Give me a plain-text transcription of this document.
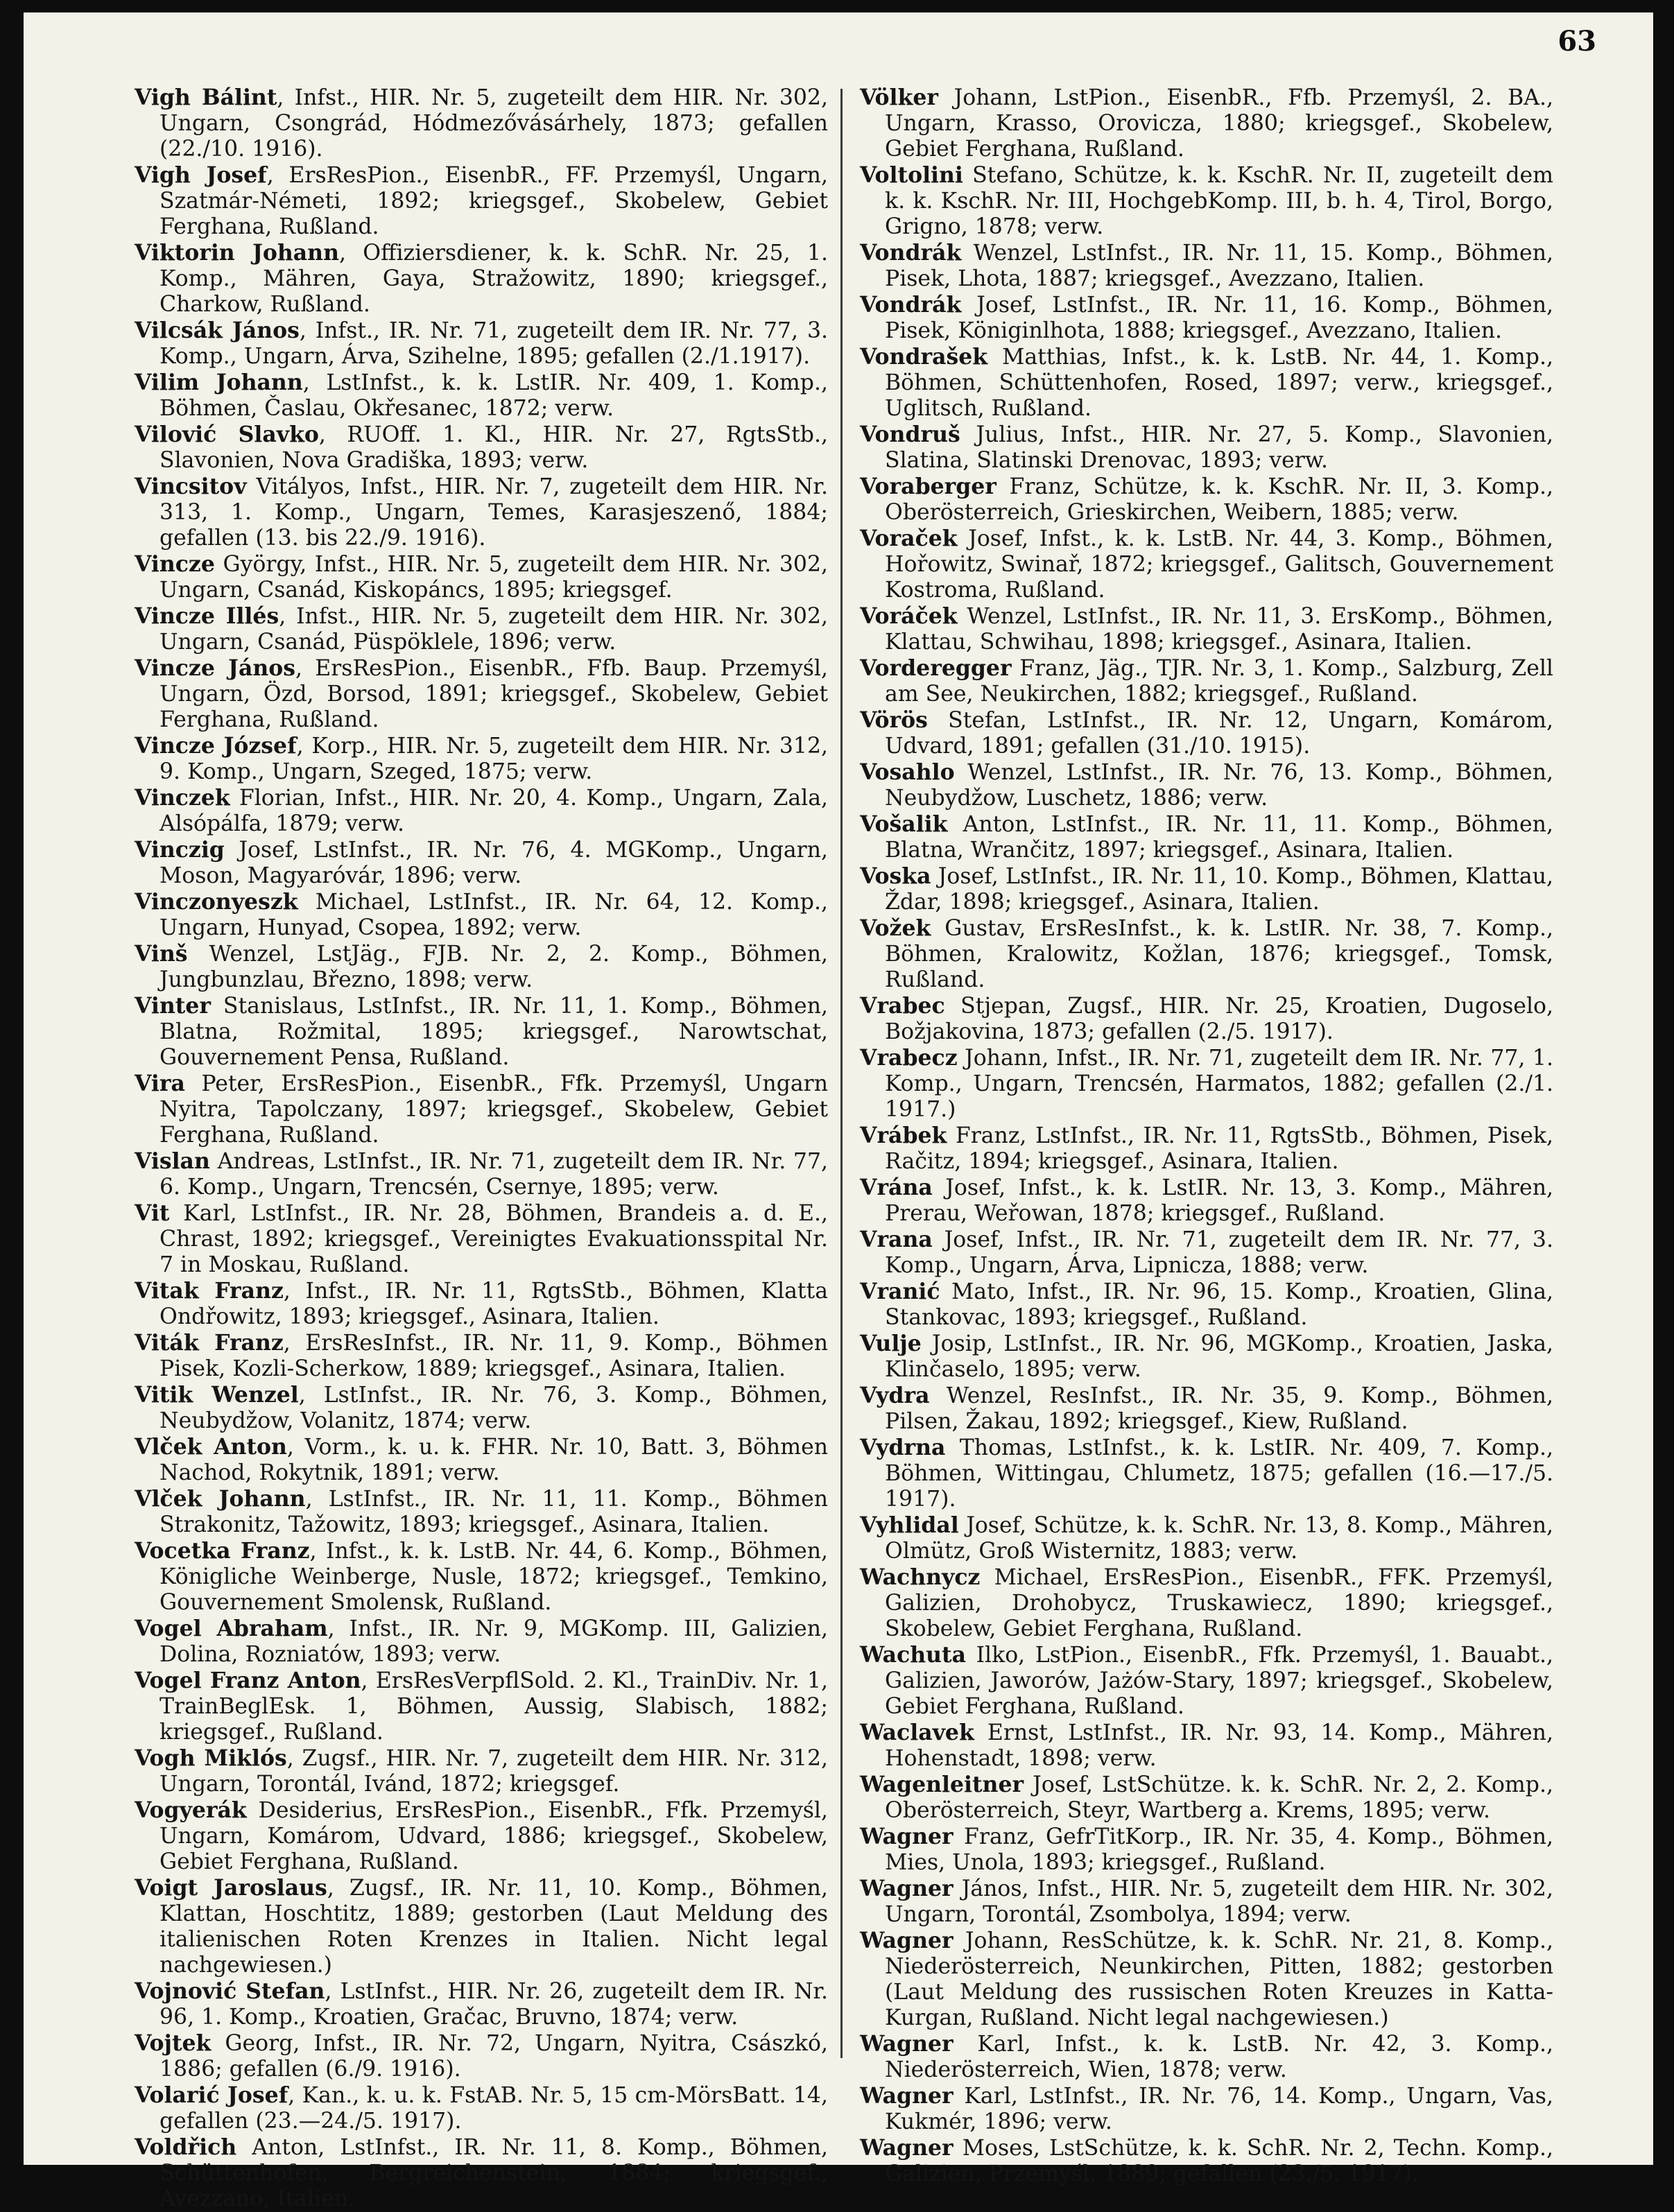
63

Vigh Bálint, Infst., HIR. Nr. 5, zugeteilt dem HIR. Nr. 302, Ungarn, Csongrád, Hódmezővásárhely, 1873; gefallen (22./10. 1916).

Vigh Josef, ErsResPion., EisenbR., FF. Przemyśl, Ungarn, Szatmár-Németi, 1892; kriegsgef., Skobelew, Gebiet Ferghana, Rußland.

Viktorin Johann, Offiziersdiener, k. k. SchR. Nr. 25, 1. Komp., Mähren, Gaya, Stražowitz, 1890; kriegsgef., Charkow, Rußland.

Vilcsák János, Infst., IR. Nr. 71, zugeteilt dem IR. Nr. 77, 3. Komp., Ungarn, Árva, Szihelne, 1895; gefallen (2./1.1917).

Vilim Johann, LstInfst., k. k. LstIR. Nr. 409, 1. Komp., Böhmen, Časlau, Okřesanec, 1872; verw.

Vilović Slavko, RUOff. 1. Kl., HIR. Nr. 27, RgtsStb., Slavonien, Nova Gradiška, 1893; verw.

Vincsitov Vitályos, Infst., HIR. Nr. 7, zugeteilt dem HIR. Nr. 313, 1. Komp., Ungarn, Temes, Karasjeszenő, 1884; gefallen (13. bis 22./9. 1916).

Vincze György, Infst., HIR. Nr. 5, zugeteilt dem HIR. Nr. 302, Ungarn, Csanád, Kiskopáncs, 1895; kriegsgef.

Vincze Illés, Infst., HIR. Nr. 5, zugeteilt dem HIR. Nr. 302, Ungarn, Csanád, Püspöklele, 1896; verw.

Vincze János, ErsResPion., EisenbR., Ffb. Baup. Przemyśl, Ungarn, Özd, Borsod, 1891; kriegsgef., Skobelew, Gebiet Ferghana, Rußland.

Vincze József, Korp., HIR. Nr. 5, zugeteilt dem HIR. Nr. 312, 9. Komp., Ungarn, Szeged, 1875; verw.

Vinczek Florian, Infst., HIR. Nr. 20, 4. Komp., Ungarn, Zala, Alsópálfa, 1879; verw.

Vinczig Josef, LstInfst., IR. Nr. 76, 4. MGKomp., Ungarn, Moson, Magyaróvár, 1896; verw.

Vinczonyeszk Michael, LstInfst., IR. Nr. 64, 12. Komp., Ungarn, Hunyad, Csopea, 1892; verw.

Vinš Wenzel, LstJäg., FJB. Nr. 2, 2. Komp., Böhmen, Jungbunzlau, Březno, 1898; verw.

Vinter Stanislaus, LstInfst., IR. Nr. 11, 1. Komp., Böhmen, Blatna, Rožmital, 1895; kriegsgef., Narowtschat, Gouvernement Pensa, Rußland.

Vira Peter, ErsResPion., EisenbR., Ffk. Przemyśl, Ungarn Nyitra, Tapolczany, 1897; kriegsgef., Skobelew, Gebiet Ferghana, Rußland.

Vislan Andreas, LstInfst., IR. Nr. 71, zugeteilt dem IR. Nr. 77, 6. Komp., Ungarn, Trencsén, Csernye, 1895; verw.

Vit Karl, LstInfst., IR. Nr. 28, Böhmen, Brandeis a. d. E., Chrast, 1892; kriegsgef., Vereinigtes Evakuationsspital Nr. 7 in Moskau, Rußland.

Vitak Franz, Infst., IR. Nr. 11, RgtsStb., Böhmen, Klatta Ondřowitz, 1893; kriegsgef., Asinara, Italien.

Viták Franz, ErsResInfst., IR. Nr. 11, 9. Komp., Böhmen Pisek, Kozli-Scherkow, 1889; kriegsgef., Asinara, Italien.

Vitik Wenzel, LstInfst., IR. Nr. 76, 3. Komp., Böhmen, Neubydžow, Volanitz, 1874; verw.

Vlček Anton, Vorm., k. u. k. FHR. Nr. 10, Batt. 3, Böhmen Nachod, Rokytnik, 1891; verw.

Vlček Johann, LstInfst., IR. Nr. 11, 11. Komp., Böhmen Strakonitz, Tažowitz, 1893; kriegsgef., Asinara, Italien.

Vocetka Franz, Infst., k. k. LstB. Nr. 44, 6. Komp., Böhmen, Königliche Weinberge, Nusle, 1872; kriegsgef., Temkino, Gouvernement Smolensk, Rußland.

Vogel Abraham, Infst., IR. Nr. 9, MGKomp. III, Galizien, Dolina, Rozniatów, 1893; verw.

Vogel Franz Anton, ErsResVerpflSold. 2. Kl., TrainDiv. Nr. 1, TrainBeglEsk. 1, Böhmen, Aussig, Slabisch, 1882; kriegsgef., Rußland.

Vogh Miklós, Zugsf., HIR. Nr. 7, zugeteilt dem HIR. Nr. 312, Ungarn, Torontál, Ivánd, 1872; kriegsgef.

Vogyerák Desiderius, ErsResPion., EisenbR., Ffk. Przemyśl, Ungarn, Komárom, Udvard, 1886; kriegsgef., Skobelew, Gebiet Ferghana, Rußland.

Voigt Jaroslaus, Zugsf., IR. Nr. 11, 10. Komp., Böhmen, Klattan, Hoschtitz, 1889; gestorben (Laut Meldung des italienischen Roten Krenzes in Italien. Nicht legal nachgewiesen.)

Vojnović Stefan, LstInfst., HIR. Nr. 26, zugeteilt dem IR. Nr. 96, 1. Komp., Kroatien, Gračac, Bruvno, 1874; verw.

Vojtek Georg, Infst., IR. Nr. 72, Ungarn, Nyitra, Császkó, 1886; gefallen (6./9. 1916).

Volarić Josef, Kan., k. u. k. FstAB. Nr. 5, 15 cm-MörsBatt. 14, gefallen (23.—24./5. 1917).

Voldřich Anton, LstInfst., IR. Nr. 11, 8. Komp., Böhmen, Schüttenhofen, Bergreichenstein, 1884; kriegsgef., Avezzano, Italien.

Völker Johann, LstPion., EisenbR., Ffb. Przemyśl, 2. BA., Ungarn, Krasso, Orovicza, 1880; kriegsgef., Skobelew, Gebiet Ferghana, Rußland.

Voltolini Stefano, Schütze, k. k. KschR. Nr. II, zugeteilt dem k. k. KschR. Nr. III, HochgebKomp. III, b. h. 4, Tirol, Borgo, Grigno, 1878; verw.

Vondrák Wenzel, LstInfst., IR. Nr. 11, 15. Komp., Böhmen, Pisek, Lhota, 1887; kriegsgef., Avezzano, Italien.

Vondrák Josef, LstInfst., IR. Nr. 11, 16. Komp., Böhmen, Pisek, Königinlhota, 1888; kriegsgef., Avezzano, Italien.

Vondrašek Matthias, Infst., k. k. LstB. Nr. 44, 1. Komp., Böhmen, Schüttenhofen, Rosed, 1897; verw., kriegsgef., Uglitsch, Rußland.

Vondruš Julius, Infst., HIR. Nr. 27, 5. Komp., Slavonien, Slatina, Slatinski Drenovac, 1893; verw.

Voraberger Franz, Schütze, k. k. KschR. Nr. II, 3. Komp., Oberösterreich, Grieskirchen, Weibern, 1885; verw.

Voraček Josef, Infst., k. k. LstB. Nr. 44, 3. Komp., Böhmen, Hořowitz, Swinař, 1872; kriegsgef., Galitsch, Gouvernement Kostroma, Rußland.

Voráček Wenzel, LstInfst., IR. Nr. 11, 3. ErsKomp., Böhmen, Klattau, Schwihau, 1898; kriegsgef., Asinara, Italien.

Vorderegger Franz, Jäg., TJR. Nr. 3, 1. Komp., Salzburg, Zell am See, Neukirchen, 1882; kriegsgef., Rußland.

Vörös Stefan, LstInfst., IR. Nr. 12, Ungarn, Komárom, Udvard, 1891; gefallen (31./10. 1915).

Vosahlo Wenzel, LstInfst., IR. Nr. 76, 13. Komp., Böhmen, Neubydžow, Luschetz, 1886; verw.

Vošalik Anton, LstInfst., IR. Nr. 11, 11. Komp., Böhmen, Blatna, Wrančitz, 1897; kriegsgef., Asinara, Italien.

Voska Josef, LstInfst., IR. Nr. 11, 10. Komp., Böhmen, Klattau, Ždar, 1898; kriegsgef., Asinara, Italien.

Vožek Gustav, ErsResInfst., k. k. LstIR. Nr. 38, 7. Komp., Böhmen, Kralowitz, Kožlan, 1876; kriegsgef., Tomsk, Rußland.

Vrabec Stjepan, Zugsf., HIR. Nr. 25, Kroatien, Dugoselo, Božjakovina, 1873; gefallen (2./5. 1917).

Vrabecz Johann, Infst., IR. Nr. 71, zugeteilt dem IR. Nr. 77, 1. Komp., Ungarn, Trencsén, Harmatos, 1882; gefallen (2./1. 1917.)

Vrábek Franz, LstInfst., IR. Nr. 11, RgtsStb., Böhmen, Pisek, Račitz, 1894; kriegsgef., Asinara, Italien.

Vrána Josef, Infst., k. k. LstIR. Nr. 13, 3. Komp., Mähren, Prerau, Weřowan, 1878; kriegsgef., Rußland.

Vrana Josef, Infst., IR. Nr. 71, zugeteilt dem IR. Nr. 77, 3. Komp., Ungarn, Árva, Lipnicza, 1888; verw.

Vranić Mato, Infst., IR. Nr. 96, 15. Komp., Kroatien, Glina, Stankovac, 1893; kriegsgef., Rußland.

Vulje Josip, LstInfst., IR. Nr. 96, MGKomp., Kroatien, Jaska, Klinčaselo, 1895; verw.

Vydra Wenzel, ResInfst., IR. Nr. 35, 9. Komp., Böhmen, Pilsen, Žakau, 1892; kriegsgef., Kiew, Rußland.

Vydrna Thomas, LstInfst., k. k. LstIR. Nr. 409, 7. Komp., Böhmen, Wittingau, Chlumetz, 1875; gefallen (16.—17./5. 1917).

Vyhlidal Josef, Schütze, k. k. SchR. Nr. 13, 8. Komp., Mähren, Olmütz, Groß Wisternitz, 1883; verw.

Wachnycz Michael, ErsResPion., EisenbR., FFK. Przemyśl, Galizien, Drohobycz, Truskawiecz, 1890; kriegsgef., Skobelew, Gebiet Ferghana, Rußland.

Wachuta Ilko, LstPion., EisenbR., Ffk. Przemyśl, 1. Bauabt., Galizien, Jaworów, Jażów-Stary, 1897; kriegsgef., Skobelew, Gebiet Ferghana, Rußland.

Waclavek Ernst, LstInfst., IR. Nr. 93, 14. Komp., Mähren, Hohenstadt, 1898; verw.

Wagenleitner Josef, LstSchütze. k. k. SchR. Nr. 2, 2. Komp., Oberösterreich, Steyr, Wartberg a. Krems, 1895; verw.

Wagner Franz, GefrTitKorp., IR. Nr. 35, 4. Komp., Böhmen, Mies, Unola, 1893; kriegsgef., Rußland.

Wagner János, Infst., HIR. Nr. 5, zugeteilt dem HIR. Nr. 302, Ungarn, Torontál, Zsombolya, 1894; verw.

Wagner Johann, ResSchütze, k. k. SchR. Nr. 21, 8. Komp., Niederösterreich, Neunkirchen, Pitten, 1882; gestorben (Laut Meldung des russischen Roten Kreuzes in Katta-Kurgan, Rußland. Nicht legal nachgewiesen.)

Wagner Karl, Infst., k. k. LstB. Nr. 42, 3. Komp., Niederösterreich, Wien, 1878; verw.

Wagner Karl, LstInfst., IR. Nr. 76, 14. Komp., Ungarn, Vas, Kukmér, 1896; verw.

Wagner Moses, LstSchütze, k. k. SchR. Nr. 2, Techn. Komp., Galizien, Przemyśl, 1889; gefallen (23./5. 1917).
